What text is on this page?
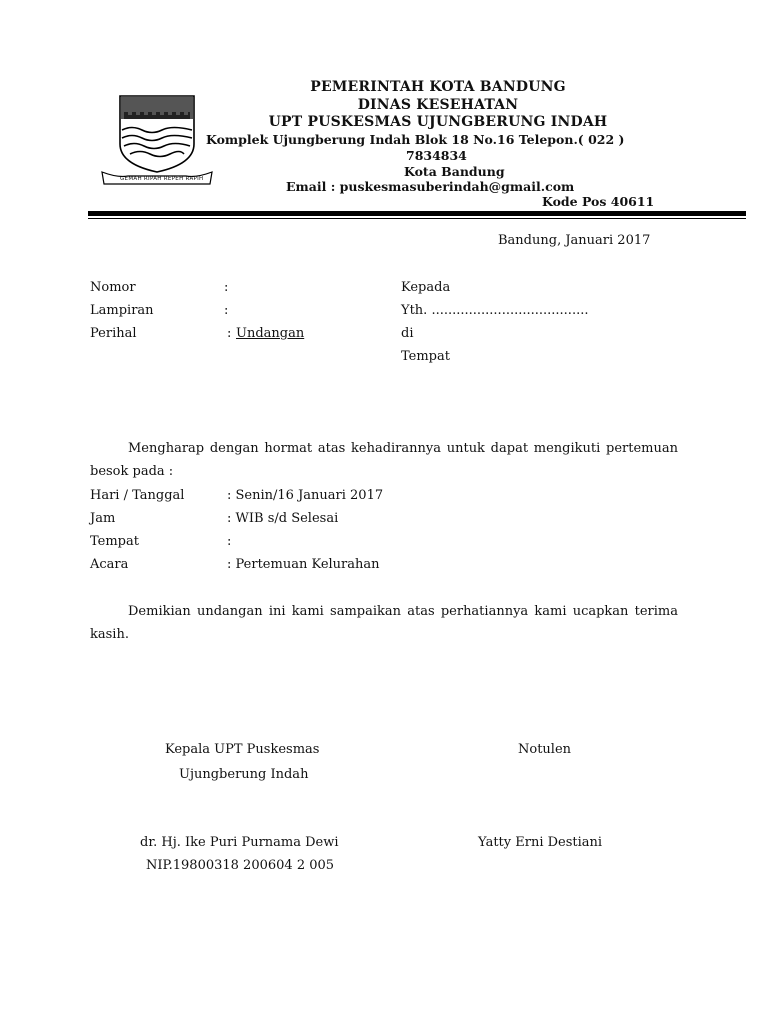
GEMAH RIPAH REPEH RAPIH
PEMERINTAH KOTA BANDUNG
DINAS KESEHATAN
UPT PUSKESMAS UJUNGBERUNG INDAH
Komplek Ujungberung Indah Blok 18 No.16 Telepon.( 022 )
7834834
Kota Bandung
Email : puskesmasuberindah@gmail.com
Kode Pos 40611
Bandung, Januari 2017
Nomor	:
Lampiran	:
Perihal	: Undangan
Kepada
Yth. ......................................
di
Tempat
Mengharap dengan hormat atas kehadirannya untuk dapat mengikuti pertemuan besok pada :
Hari / Tanggal	: Senin/16 Januari 2017
Jam	: WIB s/d Selesai
Tempat	:
Acara	: Pertemuan Kelurahan
Demikian undangan ini kami sampaikan atas perhatiannya kami ucapkan terima kasih.
Kepala UPT Puskesmas
Ujungberung Indah
dr. Hj. Ike Puri Purnama Dewi
NIP.19800318 200604 2 005
Notulen
Yatty Erni Destiani
